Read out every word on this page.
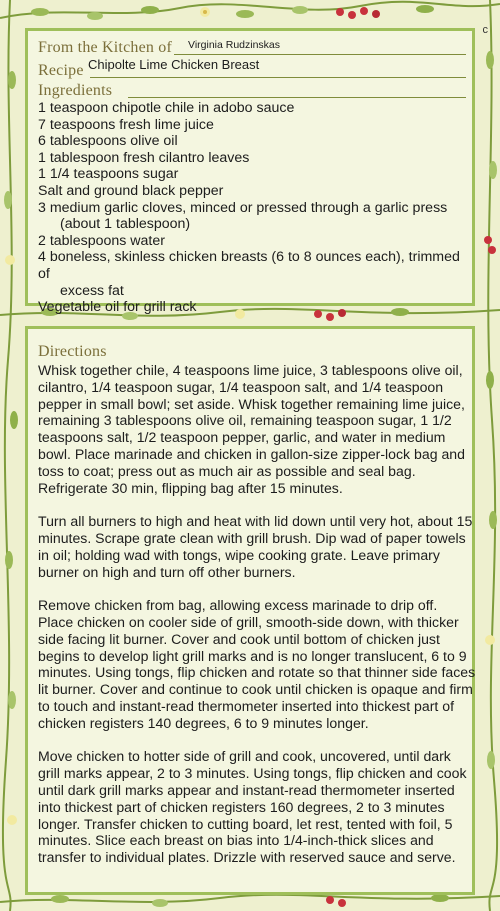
c
From the Kitchen of Virginia Rudzinskas
Recipe Chipolte Lime Chicken Breast
Ingredients
1 teaspoon chipotle chile in adobo sauce
7 teaspoons fresh lime juice
6 tablespoons olive oil
1 tablespoon fresh cilantro leaves
1 1/4 teaspoons sugar
Salt and ground black pepper
3 medium garlic cloves, minced or pressed through a garlic press
(about 1 tablespoon)
2 tablespoons water
4 boneless, skinless chicken breasts (6 to 8 ounces each), trimmed of
excess fat
Vegetable oil for grill rack
Directions

Whisk together chile, 4 teaspoons lime juice, 3 tablespoons olive oil, cilantro, 1/4 teaspoon sugar, 1/4 teaspoon salt, and 1/4 teaspoon pepper in small bowl; set aside. Whisk together remaining lime juice, remaining 3 tablespoons olive oil, remaining teaspoon sugar, 1 1/2 teaspoons salt, 1/2 teaspoon pepper, garlic, and water in medium bowl. Place marinade and chicken in gallon-size zipper-lock bag and toss to coat; press out as much air as possible and seal bag. Refrigerate 30 min, flipping bag after 15 minutes.

Turn all burners to high and heat with lid down until very hot, about 15 minutes. Scrape grate clean with grill brush. Dip wad of paper towels in oil; holding wad with tongs, wipe cooking grate. Leave primary burner on high and turn off other burners.

Remove chicken from bag, allowing excess marinade to drip off. Place chicken on cooler side of grill, smooth-side down, with thicker side facing lit burner. Cover and cook until bottom of chicken just begins to develop light grill marks and is no longer translucent, 6 to 9 minutes. Using tongs, flip chicken and rotate so that thinner side faces lit burner. Cover and continue to cook until chicken is opaque and firm to touch and instant-read thermometer inserted into thickest part of chicken registers 140 degrees, 6 to 9 minutes longer.

Move chicken to hotter side of grill and cook, uncovered, until dark grill marks appear, 2 to 3 minutes. Using tongs, flip chicken and cook until dark grill marks appear and instant-read thermometer inserted into thickest part of chicken registers 160 degrees, 2 to 3 minutes longer. Transfer chicken to cutting board, let rest, tented with foil, 5 minutes. Slice each breast on bias into 1/4-inch-thick slices and transfer to individual plates. Drizzle with reserved sauce and serve.
